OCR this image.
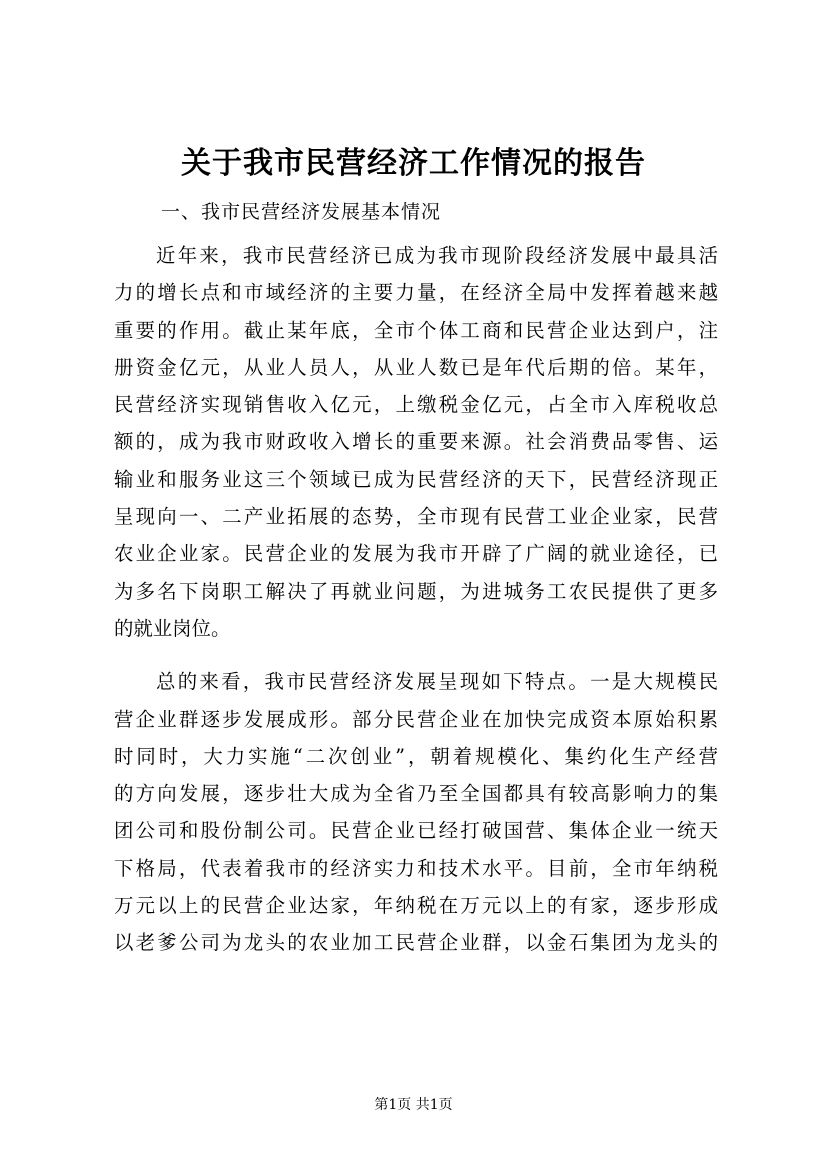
关于我市民营经济工作情况的报告
一、我市民营经济发展基本情况
近年来，我市民营经济已成为我市现阶段经济发展中最具活
力的增长点和市域经济的主要力量，在经济全局中发挥着越来越
重要的作用。截止某年底，全市个体工商和民营企业达到户，注
册资金亿元，从业人员人，从业人数已是年代后期的倍。某年，
民营经济实现销售收入亿元，上缴税金亿元，占全市入库税收总
额的，成为我市财政收入增长的重要来源。社会消费品零售、运
输业和服务业这三个领域已成为民营经济的天下，民营经济现正
呈现向一、二产业拓展的态势，全市现有民营工业企业家，民营
农业企业家。民营企业的发展为我市开辟了广阔的就业途径，已
为多名下岗职工解决了再就业问题，为进城务工农民提供了更多
的就业岗位。
总的来看，我市民营经济发展呈现如下特点。一是大规模民
营企业群逐步发展成形。部分民营企业在加快完成资本原始积累
时同时，大力实施“二次创业”，朝着规模化、集约化生产经营
的方向发展，逐步壮大成为全省乃至全国都具有较高影响力的集
团公司和股份制公司。民营企业已经打破国营、集体企业一统天
下格局，代表着我市的经济实力和技术水平。目前，全市年纳税
万元以上的民营企业达家，年纳税在万元以上的有家，逐步形成
以老爹公司为龙头的农业加工民营企业群，以金石集团为龙头的
第1页 共1页
